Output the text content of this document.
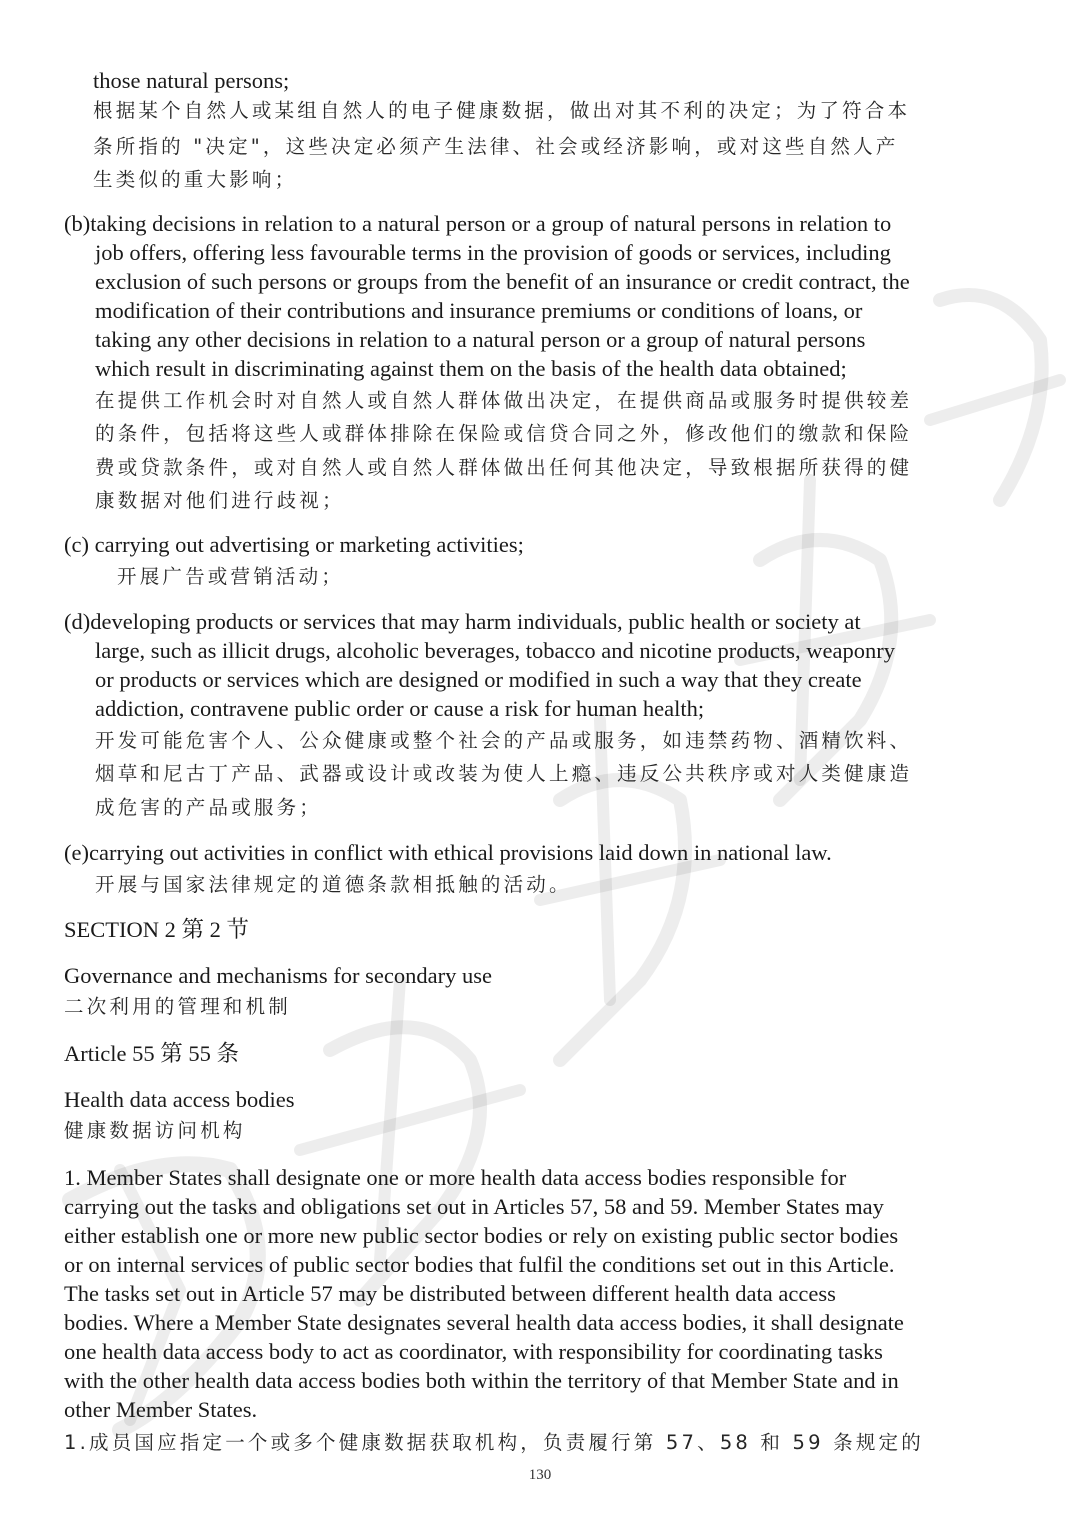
those natural persons;
根据某个自然人或某组自然人的电子健康数据，做出对其不利的决定；为了符合本
条所指的 "决定"，这些决定必须产生法律、社会或经济影响，或对这些自然人产
生类似的重大影响；
(b)taking decisions in relation to a natural person or a group of natural persons in relation to
job offers, offering less favourable terms in the provision of goods or services, including
exclusion of such persons or groups from the benefit of an insurance or credit contract, the
modification of their contributions and insurance premiums or conditions of loans, or
taking any other decisions in relation to a natural person or a group of natural persons
which result in discriminating against them on the basis of the health data obtained;
在提供工作机会时对自然人或自然人群体做出决定，在提供商品或服务时提供较差
的条件，包括将这些人或群体排除在保险或信贷合同之外，修改他们的缴款和保险
费或贷款条件，或对自然人或自然人群体做出任何其他决定，导致根据所获得的健
康数据对他们进行歧视；
(c) carrying out advertising or marketing activities;
开展广告或营销活动；
(d)developing products or services that may harm individuals, public health or society at
large, such as illicit drugs, alcoholic beverages, tobacco and nicotine products, weaponry
or products or services which are designed or modified in such a way that they create
addiction, contravene public order or cause a risk for human health;
开发可能危害个人、公众健康或整个社会的产品或服务，如违禁药物、酒精饮料、
烟草和尼古丁产品、武器或设计或改装为使人上瘾、违反公共秩序或对人类健康造
成危害的产品或服务；
(e)carrying out activities in conflict with ethical provisions laid down in national law.
开展与国家法律规定的道德条款相抵触的活动。
SECTION 2 第 2 节
Governance and mechanisms for secondary use
二次利用的管理和机制
Article 55 第 55 条
Health data access bodies
健康数据访问机构
1. Member States shall designate one or more health data access bodies responsible for
carrying out the tasks and obligations set out in Articles 57, 58 and 59. Member States may
either establish one or more new public sector bodies or rely on existing public sector bodies
or on internal services of public sector bodies that fulfil the conditions set out in this Article.
The tasks set out in Article 57 may be distributed between different health data access
bodies. Where a Member State designates several health data access bodies, it shall designate
one health data access body to act as coordinator, with responsibility for coordinating tasks
with the other health data access bodies both within the territory of that Member State and in
other Member States.
1.成员国应指定一个或多个健康数据获取机构，负责履行第 57、58 和 59 条规定的
130
